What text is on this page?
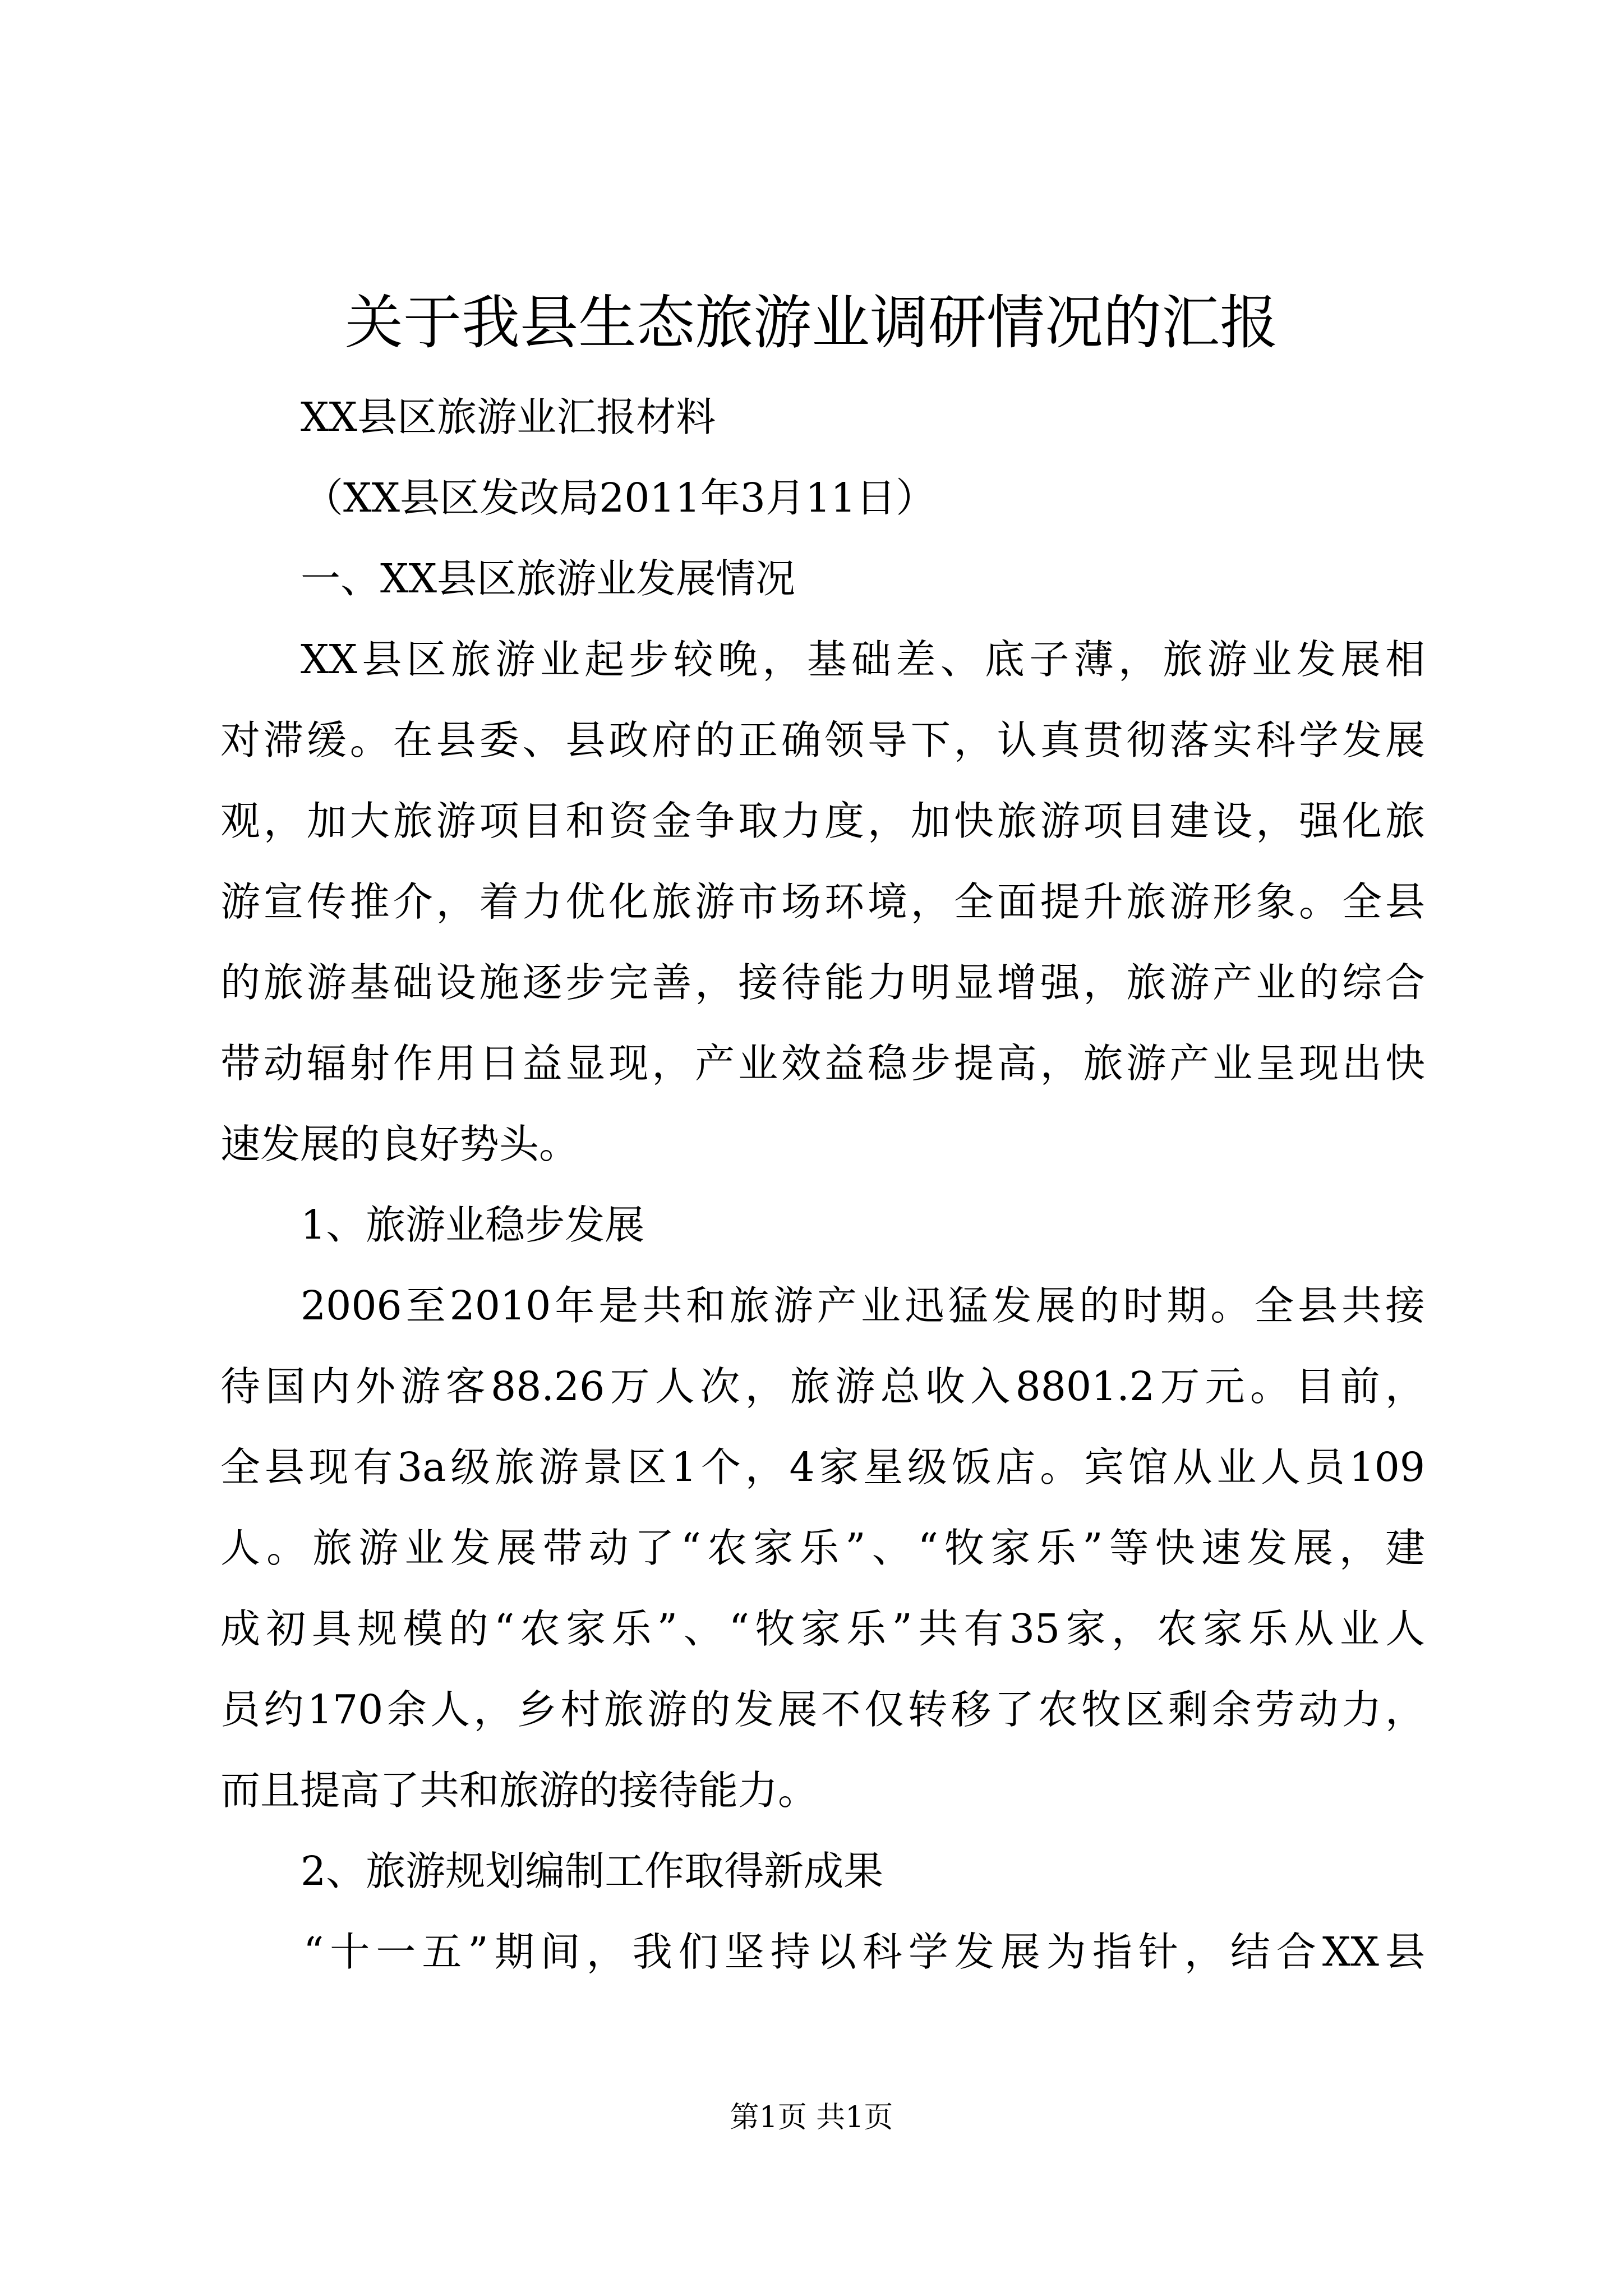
关于我县生态旅游业调研情况的汇报
XX县区旅游业汇报材料
（XX县区发改局2011年3月11日）
一、XX县区旅游业发展情况
XX县区旅游业起步较晚，基础差、底子薄，旅游业发展相
对滞缓。在县委、县政府的正确领导下，认真贯彻落实科学发展
观，加大旅游项目和资金争取力度，加快旅游项目建设，强化旅
游宣传推介，着力优化旅游市场环境，全面提升旅游形象。全县
的旅游基础设施逐步完善，接待能力明显增强，旅游产业的综合
带动辐射作用日益显现，产业效益稳步提高，旅游产业呈现出快
速发展的良好势头。
1、旅游业稳步发展
2006至2010年是共和旅游产业迅猛发展的时期。全县共接
待国内外游客88.26万人次，旅游总收入8801.2万元。目前，
全县现有3a级旅游景区1个，4家星级饭店。宾馆从业人员109
人。旅游业发展带动了“农家乐”、“牧家乐”等快速发展，建
成初具规模的“农家乐”、“牧家乐”共有35家，农家乐从业人
员约170余人，乡村旅游的发展不仅转移了农牧区剩余劳动力，
而且提高了共和旅游的接待能力。
2、旅游规划编制工作取得新成果
“十一五”期间，我们坚持以科学发展为指针，结合XX县
第1页 共1页
